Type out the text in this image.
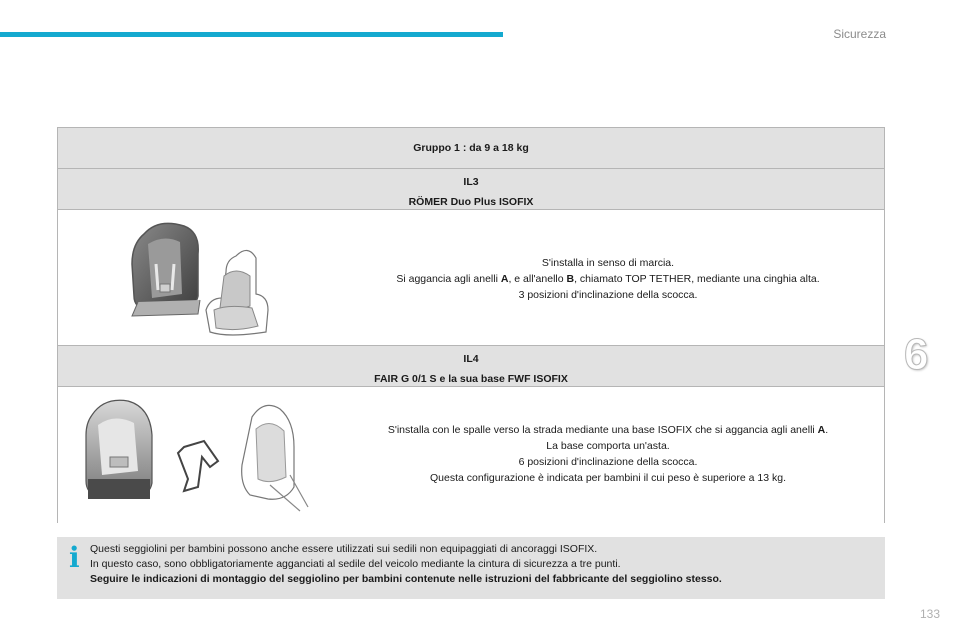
Sicurezza
6
133
Gruppo 1 : da 9 a 18 kg
IL3
RÖMER Duo Plus ISOFIX
S'installa in senso di marcia.
Si aggancia agli anelli A, e all'anello B, chiamato TOP TETHER, mediante una cinghia alta.
3 posizioni d'inclinazione della scocca.
IL4
FAIR G 0/1 S e la sua base FWF ISOFIX
S'installa con le spalle verso la strada mediante una base ISOFIX che si aggancia agli anelli A.
La base comporta un'asta.
6 posizioni d'inclinazione della scocca.
Questa configurazione è indicata per bambini il cui peso è superiore a 13 kg.
i Questi seggiolini per bambini possono anche essere utilizzati sui sedili non equipaggiati di ancoraggi ISOFIX.
In questo caso, sono obbligatoriamente agganciati al sedile del veicolo mediante la cintura di sicurezza a tre punti.
Seguire le indicazioni di montaggio del seggiolino per bambini contenute nelle istruzioni del fabbricante del seggiolino stesso.
